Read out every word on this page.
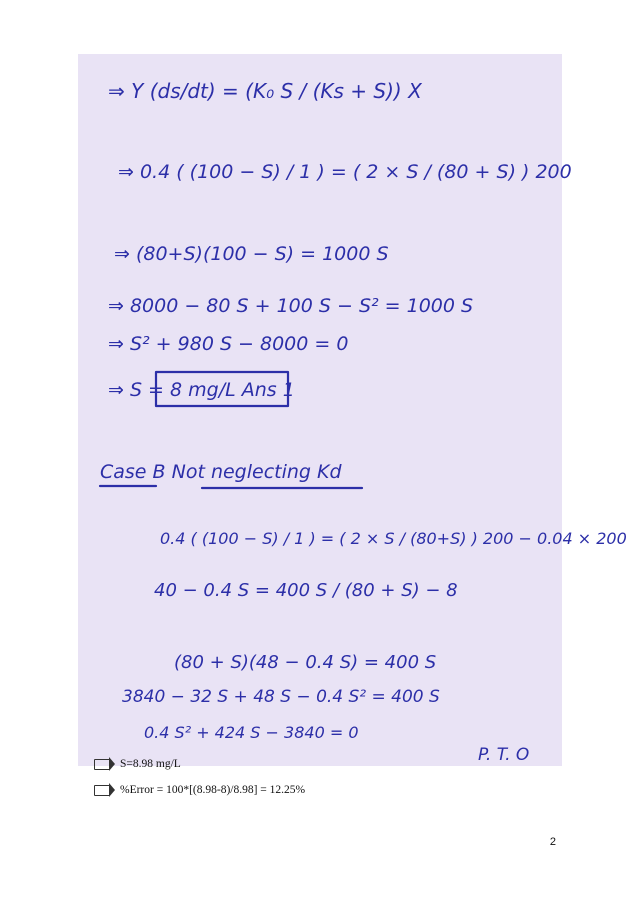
⇒ Y (ds/dt) = (K₀ S / (Ks + S)) X
⇒ 0.4 ( (100 − S) / 1 ) = ( 2 × S / (80 + S) ) 200
⇒ (80+S)(100 − S) = 1000 S
⇒ 8000 − 80 S + 100 S − S² = 1000 S
⇒ S² + 980 S − 8000 = 0
⇒ S = 8 mg/L Ans 1
Case B Not neglecting Kd
0.4 ( (100 − S) / 1 ) = ( 2 × S / (80+S) ) 200 − 0.04 × 200
40 − 0.4 S = 400 S / (80 + S) − 8
(80 + S)(48 − 0.4 S) = 400 S
3840 − 32 S + 48 S − 0.4 S² = 400 S
0.4 S² + 424 S − 3840 = 0
P. T. O
S=8.98 mg/L
%Error = 100*[(8.98-8)/8.98] = 12.25%
2
